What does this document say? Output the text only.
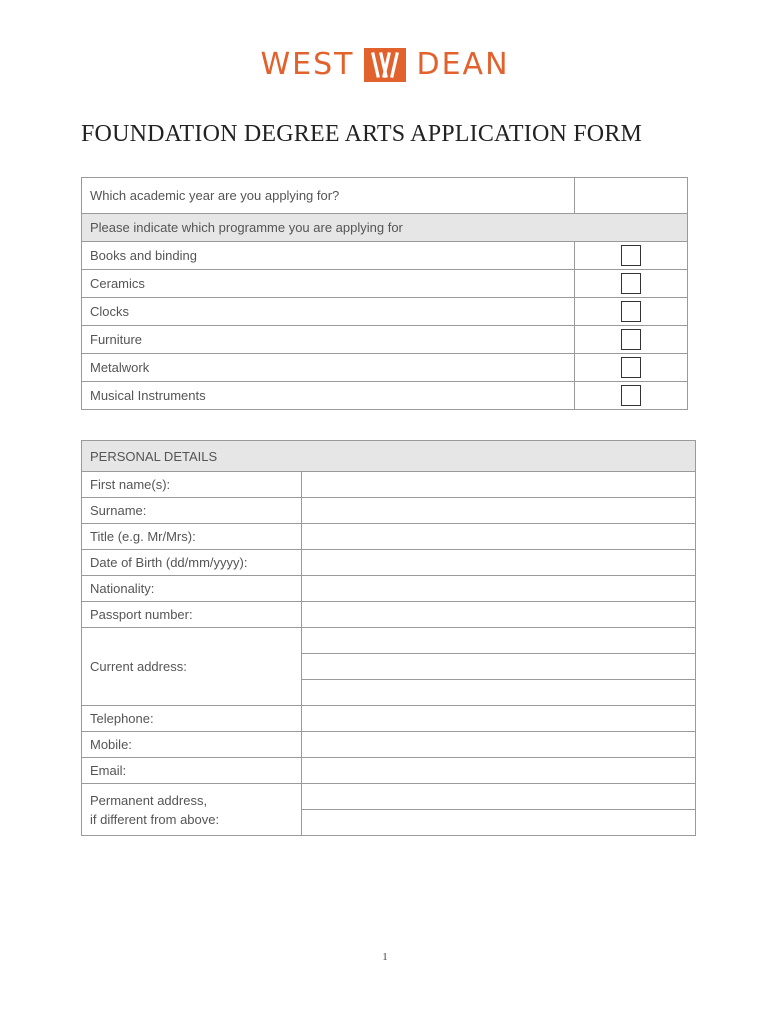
WEST DEAN
FOUNDATION DEGREE ARTS APPLICATION FORM
Which academic year are you applying for?	
Please indicate which programme you are applying for	
Books and binding	
Ceramics	
Clocks	
Furniture	
Metalwork	
Musical Instruments	
PERSONAL DETAILS	
First name(s):	
Surname:	
Title (e.g. Mr/Mrs):	
Date of Birth (dd/mm/yyyy):	
Nationality:	
Passport number:	
Current address:	

Telephone:	
Mobile:	
Email:	
Permanent address,
if different from above:	

1
